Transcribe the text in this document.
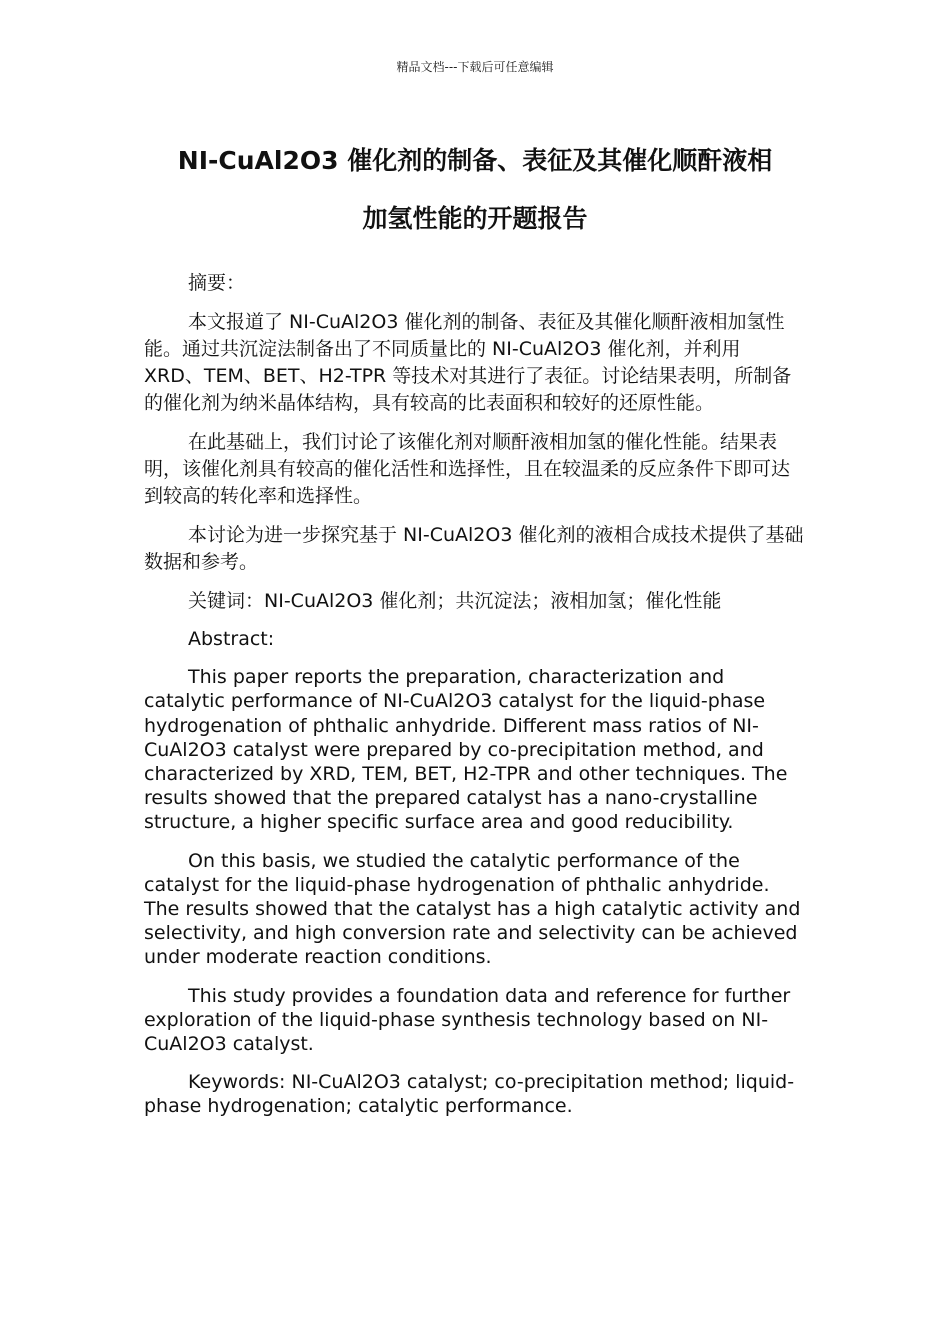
精品文档---下载后可任意编辑
NI-CuAl2O3 催化剂的制备、表征及其催化顺酐液相
加氢性能的开题报告

摘要：

本文报道了 NI-CuAl2O3 催化剂的制备、表征及其催化顺酐液相加氢性能。通过共沉淀法制备出了不同质量比的 NI-CuAl2O3 催化剂，并利用 XRD、TEM、BET、H2-TPR 等技术对其进行了表征。讨论结果表明，所制备的催化剂为纳米晶体结构，具有较高的比表面积和较好的还原性能。

在此基础上，我们讨论了该催化剂对顺酐液相加氢的催化性能。结果表明，该催化剂具有较高的催化活性和选择性，且在较温柔的反应条件下即可达到较高的转化率和选择性。

本讨论为进一步探究基于 NI-CuAl2O3 催化剂的液相合成技术提供了基础数据和参考。

关键词：NI-CuAl2O3 催化剂；共沉淀法；液相加氢；催化性能

Abstract:

This paper reports the preparation, characterization and catalytic performance of NI-CuAl2O3 catalyst for the liquid-phase hydrogenation of phthalic anhydride. Different mass ratios of NI-CuAl2O3 catalyst were prepared by co-precipitation method, and characterized by XRD, TEM, BET, H2-TPR and other techniques. The results showed that the prepared catalyst has a nano-crystalline structure, a higher specific surface area and good reducibility.

On this basis, we studied the catalytic performance of the catalyst for the liquid-phase hydrogenation of phthalic anhydride. The results showed that the catalyst has a high catalytic activity and selectivity, and high conversion rate and selectivity can be achieved under moderate reaction conditions.

This study provides a foundation data and reference for further exploration of the liquid-phase synthesis technology based on NI-CuAl2O3 catalyst.

Keywords: NI-CuAl2O3 catalyst; co-precipitation method; liquid-phase hydrogenation; catalytic performance.
